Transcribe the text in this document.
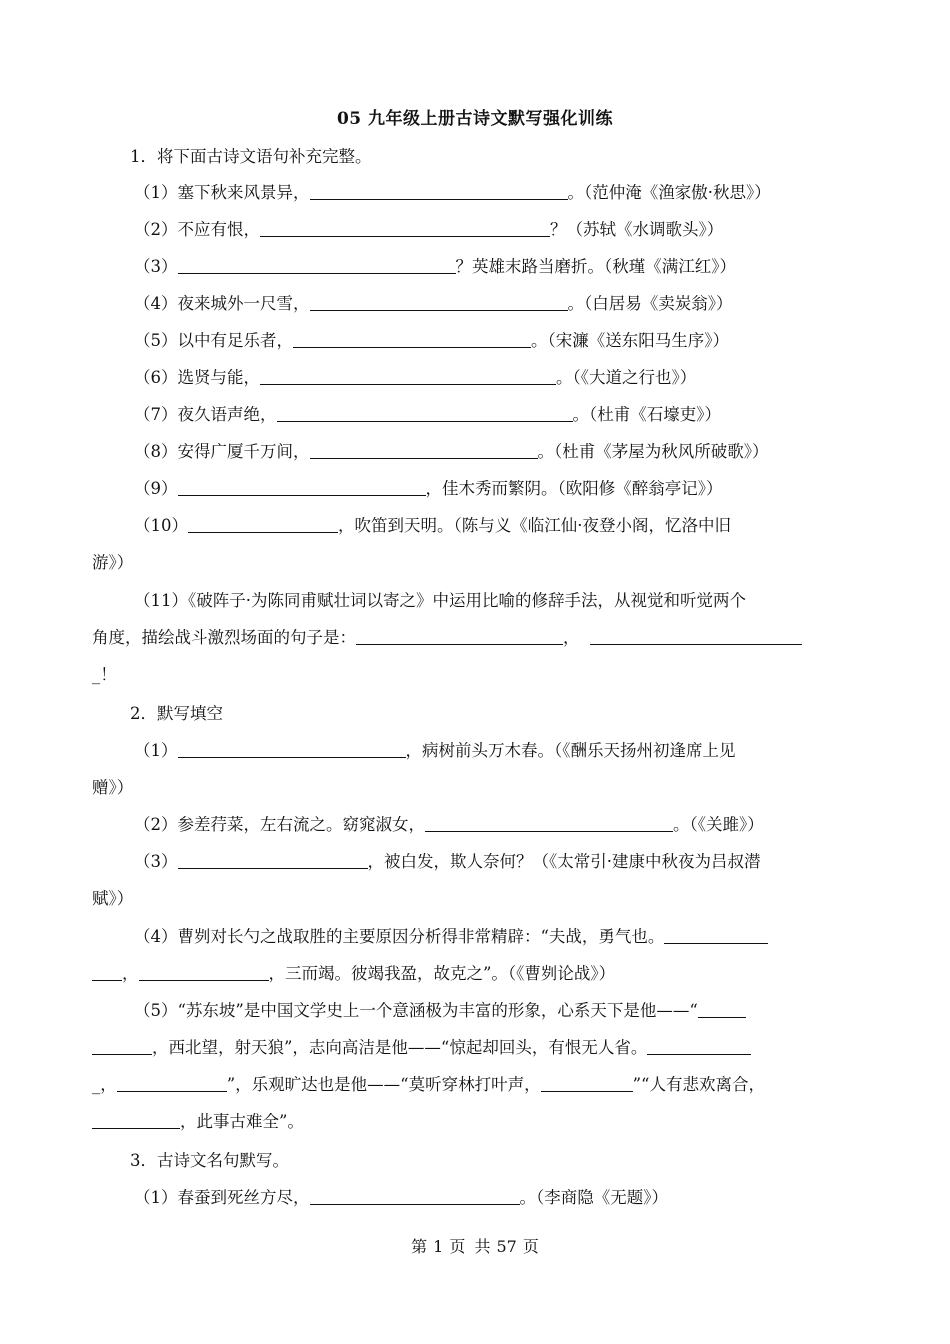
05 九年级上册古诗文默写强化训练
1．将下面古诗文语句补充完整。
（1）塞下秋来风景异，	。（范仲淹《渔家傲·秋思》）
（2）不应有恨，	？（苏轼《水调歌头》）
（3）	？英雄末路当磨折。（秋瑾《满江红》）
（4）夜来城外一尺雪，	。（白居易《卖炭翁》）
（5）以中有足乐者，	。（宋濂《送东阳马生序》）
（6）选贤与能，	。（《大道之行也》）
（7）夜久语声绝，	。（杜甫《石壕吏》）
（8）安得广厦千万间，	。（杜甫《茅屋为秋风所破歌》）
（9）	，佳木秀而繁阴。（欧阳修《醉翁亭记》）
（10）	，吹笛到天明。（陈与义《临江仙·夜登小阁，忆洛中旧
游》）
（11）《破阵子·为陈同甫赋壮词以寄之》中运用比喻的修辞手法，从视觉和听觉两个
角度，描绘战斗激烈场面的句子是：	，
_！
2．默写填空
（1）	，病树前头万木春。（《酬乐天扬州初逢席上见
赠》）
（2）参差荇菜，左右流之。窈窕淑女，	。（《关雎》）
（3）	，被白发，欺人奈何？（《太常引·建康中秋夜为吕叔潜
赋》）
（4）曹刿对长勺之战取胜的主要原因分析得非常精辟：“夫战，勇气也。
，	，三而竭。彼竭我盈，故克之”。（《曹刿论战》）
（5）“苏东坡”是中国文学史上一个意涵极为丰富的形象，心系天下是他——“
，西北望，射天狼”，志向高洁是他——“惊起却回头，有恨无人省。
_，	”，乐观旷达也是他——“莫听穿林打叶声，	”“人有悲欢离合，
，此事古难全”。
3．古诗文名句默写。
（1）春蚕到死丝方尽，	。（李商隐《无题》）
第 1 页 共 57 页
